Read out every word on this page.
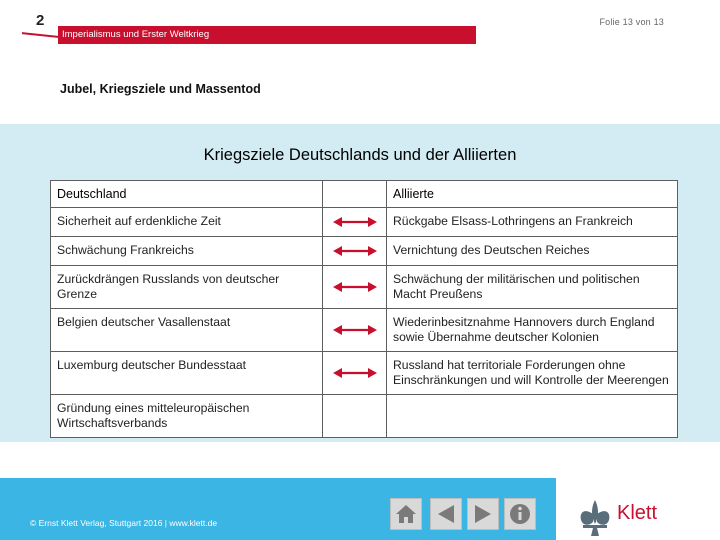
2	Folie 13 von 13
Imperialismus und Erster Weltkrieg
Jubel, Kriegsziele und Massentod
Kriegsziele Deutschlands und der Alliierten
Deutschland		Alliierte
Sicherheit auf erdenkliche Zeit		Rückgabe Elsass-Lothringens an Frankreich
Schwächung Frankreichs		Vernichtung des Deutschen Reiches
Zurückdrängen Russlands von deutscher Grenze		Schwächung der militärischen und politischen Macht Preußens
Belgien deutscher Vasallenstaat		Wiederinbesitznahme Hannovers durch England sowie Übernahme deutscher Kolonien
Luxemburg deutscher Bundesstaat		Russland hat territoriale Forderungen ohne Einschränkungen und will Kontrolle der Meerengen
Gründung eines mitteleuropäischen Wirtschaftsverbands		
© Ernst Klett Verlag, Stuttgart 2016 | www.klett.de	Klett
